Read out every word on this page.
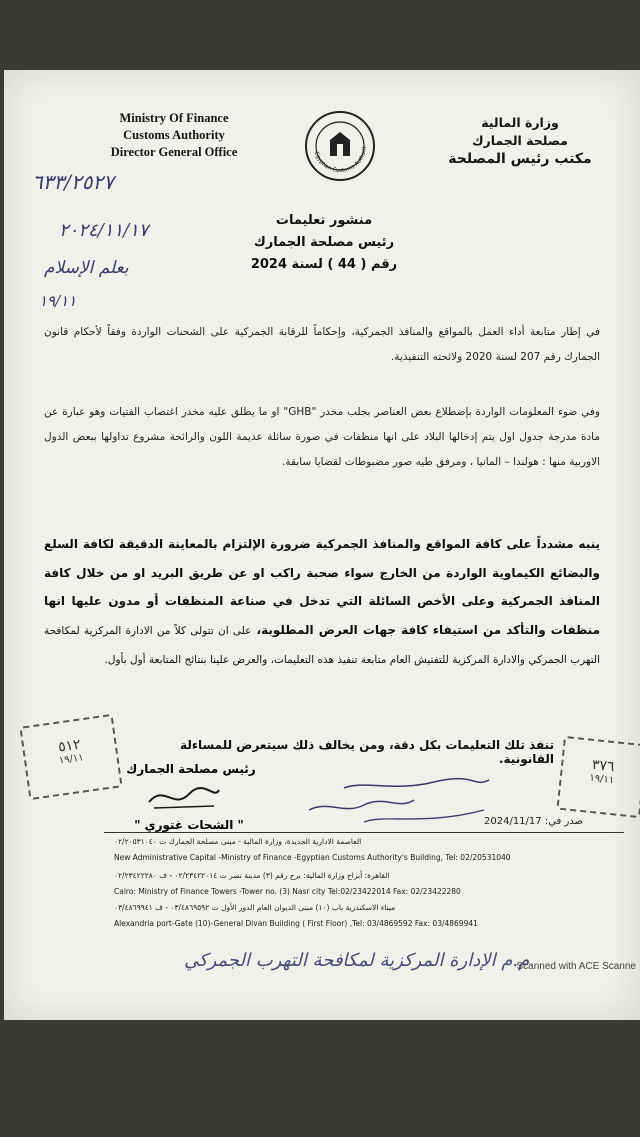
Ministry Of Finance
Customs Authority
Director General Office	Egyptian Customs Authorit
وزارة المالية
مصلحة الجمارك
مكتب رئيس المصلحة
٦٣٣/٢٥٢٧
٢٠٢٤/١١/١٧
بعلم الإسلام
١٩/١١
منشور تعليمات
رئيس مصلحة الجمارك
رقم ( 44 ) لسنة 2024
في إطار متابعة أداء العمل بالمواقع والمنافذ الجمركية، وإحكاماً للرقابة الجمركية على الشحنات الواردة وفقاً لأحكام قانون الجمارك رقم 207 لسنة 2020 ولائحته التنفيذية.
وفي ضوء المعلومات الواردة بإضطلاع بعض العناصر بجلب مخدر "GHB" او ما يطلق عليه مخدر اغتصاب الفتيات وهو عبارة عن مادة مدرجة جدول اول يتم إدخالها البلاد على انها منظفات في صورة سائلة عديمة اللون والرائحة مشروع تداولها ببعض الدول الاوربية منها : هولندا – المانيا ، ومرفق طيه صور مضبوطات لقضايا سابقة.
ينبه مشدداً على كافة المواقع والمنافذ الجمركية ضرورة الإلتزام بالمعاينة الدقيقة لكافة السلع والبضائع الكيماوية الواردة من الخارج سواء صحبة راكب او عن طريق البريد او من خلال كافة المنافذ الجمركية وعلى الأخص السائلة التي تدخل في صناعة المنظفات أو مدون عليها انها منظفات والتأكد من استيفاء كافة جهات العرض المطلوبة، على ان تتولى كلاً من الادارة المركزية لمكافحة التهرب الجمركي والادارة المركزية للتفتيش العام متابعة تنفيذ هذه التعليمات، والعرض علينا بنتائج المتابعة أول بأول.
تنفذ تلك التعليمات بكل دقة، ومن يخالف ذلك سيتعرض للمساءلة القانونية.
رئيس مصلحة الجمارك
" الشحات غتوري "	صدر في: 2024/11/17
٥١٢
١٩/١١	٣٧٦
١٩/١١
العاصمة الادارية الجديدة، وزارة المالية - مبنى مصلحة الجمارك ت ٠٢/٢٠٥٣١٠٤٠
New Administrative Capital -Ministry of Finance -Egyptian Customs Authority's Building, Tel: 02/20531040
القاهرة: أبراج وزارة المالية: برج رقم (٣) مدينة نصر ت ٠٢/٢٣٤٢٢٠١٤ - ف ٠٢/٢٣٤٢٢٢٨٠
Cairo: Ministry of Finance Towers -Tower no. (3) Nasr city Tel:02/23422014 Fax: 02/23422280
ميناء الاسكندرية باب (١٠) مبنى الديوان العام الدور الأول ت ٠٣/٤٨٦٩٥٩٢ - ف ٠٣/٤٨٦٩٩٤١
Alexandria port-Gate (10)-General Divan Building ( First Floor) ,Tel: 03/4869592 Fax: 03/4869941
م.م الإدارة المركزية لمكافحة التهرب الجمركي
Scanned with ACE Scanne
